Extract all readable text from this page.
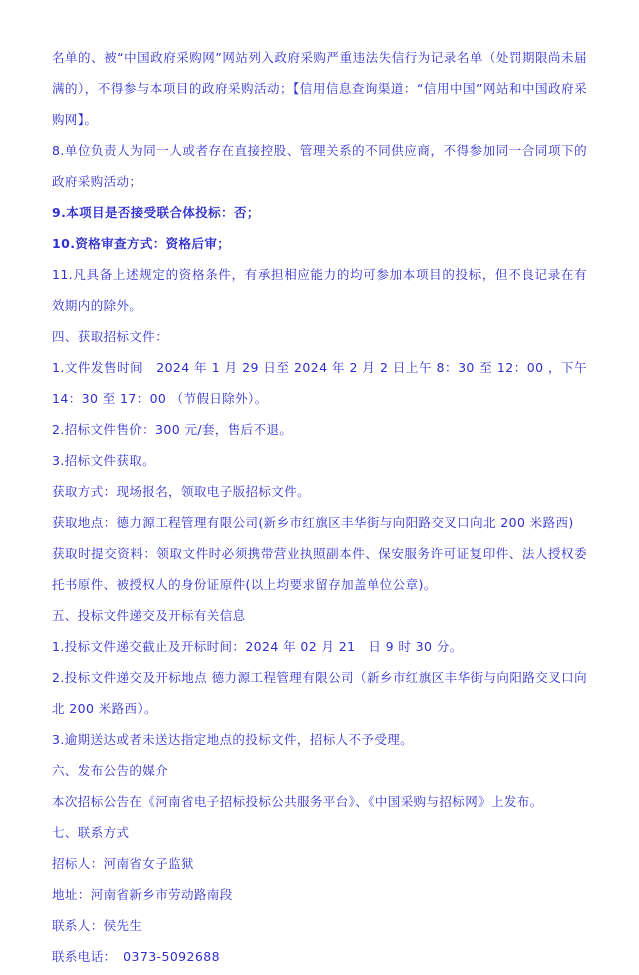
名单的、被“中国政府采购网”网站列入政府采购严重违法失信行为记录名单（处罚期限尚未届满的），不得参与本项目的政府采购活动；【信用信息查询渠道：“信用中国”网站和中国政府采购网】。

8.单位负责人为同一人或者存在直接控股、管理关系的不同供应商，不得参加同一合同项下的政府采购活动；

9.本项目是否接受联合体投标：否；

10.资格审查方式：资格后审；

11.凡具备上述规定的资格条件，有承担相应能力的均可参加本项目的投标，但不良记录在有效期内的除外。

四、获取招标文件：

1.文件发售时间　2024 年 1 月 29 日至 2024 年 2 月 2 日上午 8：30 至 12：00 ，下午 14：30 至 17：00 （节假日除外）。

2.招标文件售价：300 元/套，售后不退。

3.招标文件获取。

获取方式：现场报名，领取电子版招标文件。

获取地点：德力源工程管理有限公司(新乡市红旗区丰华街与向阳路交叉口向北 200 米路西)

获取时提交资料：领取文件时必须携带营业执照副本件、保安服务许可证复印件、法人授权委托书原件、被授权人的身份证原件(以上均要求留存加盖单位公章)。

五、投标文件递交及开标有关信息

1.投标文件递交截止及开标时间：2024 年 02 月 21　日 9 时 30 分。

2.投标文件递交及开标地点 德力源工程管理有限公司（新乡市红旗区丰华街与向阳路交叉口向北 200 米路西）。

3.逾期送达或者未送达指定地点的投标文件，招标人不予受理。

六、发布公告的媒介

本次招标公告在《河南省电子招标投标公共服务平台》、《中国采购与招标网》上发布。

七、联系方式

招标人：河南省女子监狱

地址：河南省新乡市劳动路南段

联系人：侯先生

联系电话：　0373-5092688
